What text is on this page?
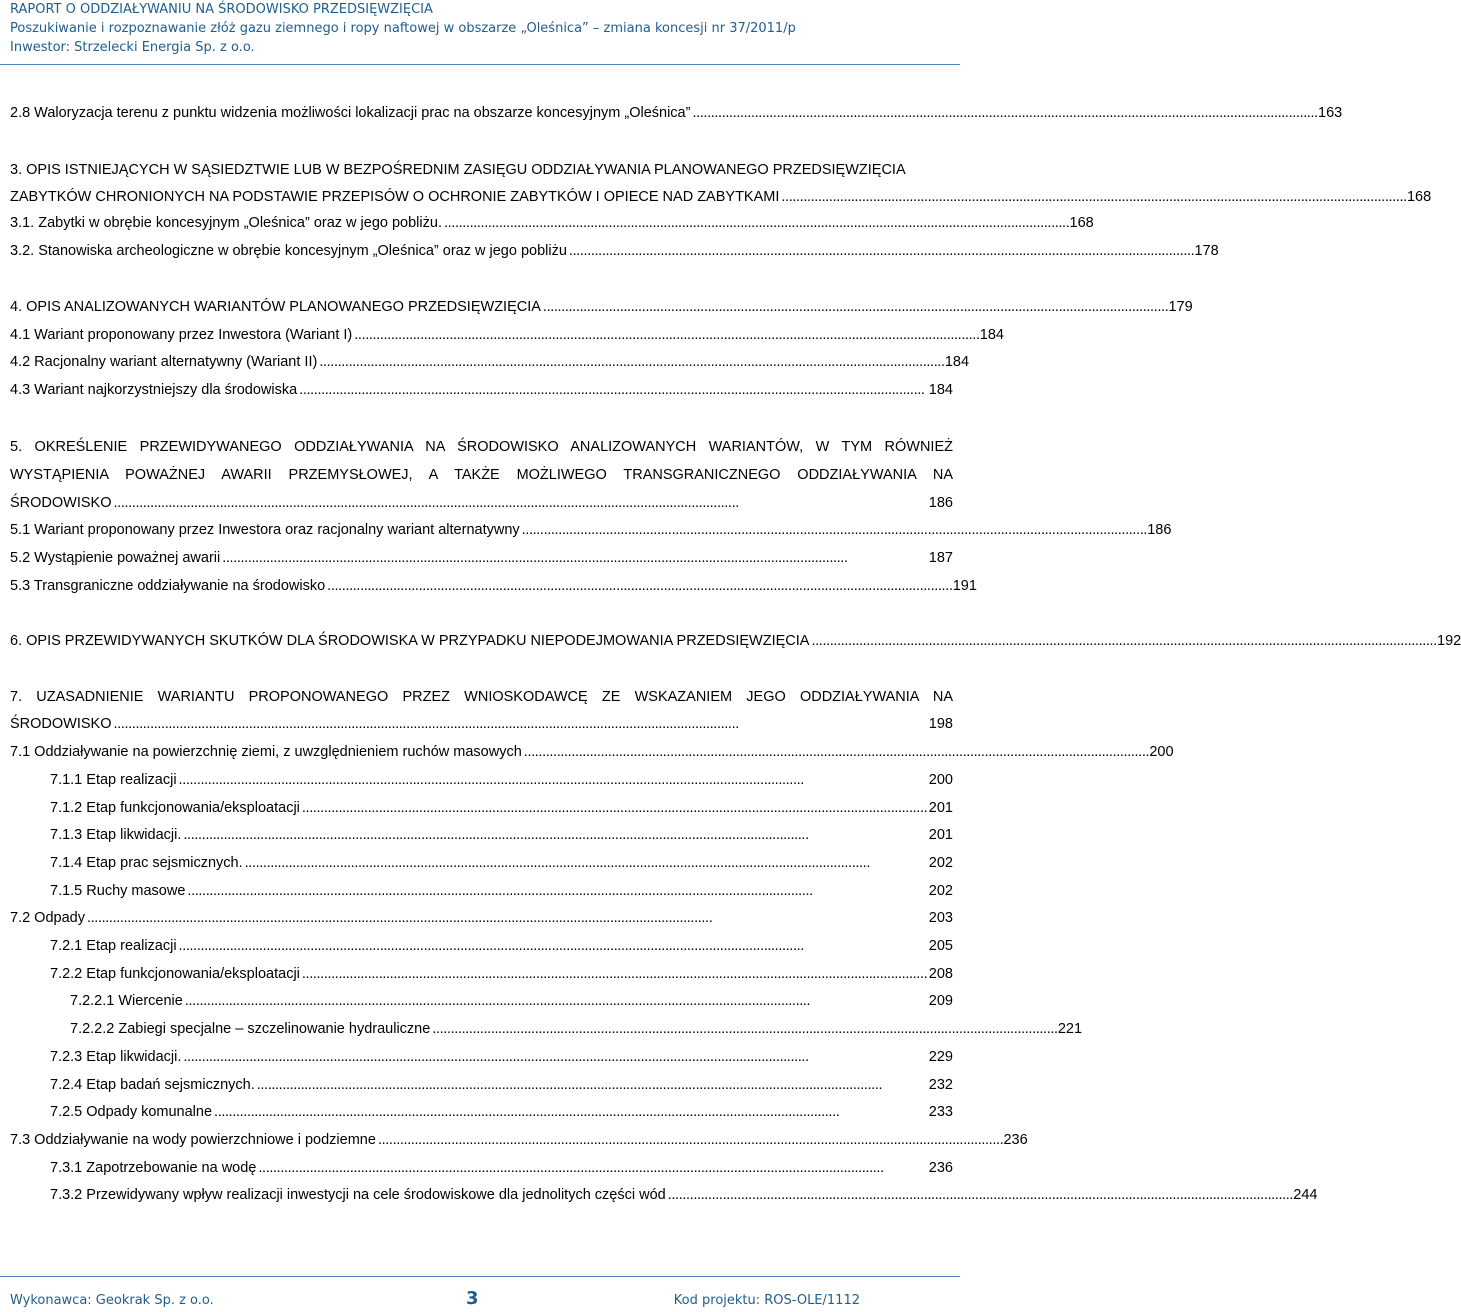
RAPORT O ODDZIAŁYWANIU NA ŚRODOWISKO PRZEDSIĘWZIĘCIA
Poszukiwanie i rozpoznawanie złóż gazu ziemnego i ropy naftowej w obszarze „Oleśnica” – zmiana koncesji nr 37/2011/p
Inwestor: Strzelecki Energia Sp. z o.o.
2.8 Waloryzacja terenu z punktu widzenia możliwości lokalizacji prac na obszarze koncesyjnym „Oleśnica” . . .	163
3. OPIS ISTNIEJĄCYCH W SĄSIEDZTWIE LUB W BEZPOŚREDNIM ZASIĘGU ODDZIAŁYWANIA PLANOWANEGO PRZEDSIĘWZIĘCIA
ZABYTKÓW CHRONIONYCH NA PODSTAWIE PRZEPISÓW O OCHRONIE ZABYTKÓW I OPIECE NAD ZABYTKAMI . . .	168
3.1. Zabytki w obrębie koncesyjnym „Oleśnica” oraz w jego pobliżu. . . .	168
3.2. Stanowiska archeologiczne w obrębie koncesyjnym „Oleśnica” oraz w jego pobliżu . . .	178
4. OPIS ANALIZOWANYCH WARIANTÓW PLANOWANEGO PRZEDSIĘWZIĘCIA . . .	179
4.1 Wariant proponowany przez Inwestora (Wariant I) . . .	184
4.2 Racjonalny wariant alternatywny (Wariant II) . . .	184
4.3 Wariant najkorzystniejszy dla środowiska . . .	184
5. OKREŚLENIE PRZEWIDYWANEGO ODDZIAŁYWANIA NA ŚRODOWISKO ANALIZOWANYCH WARIANTÓW, W TYM RÓWNIEŻ
WYSTĄPIENIA POWAŻNEJ AWARII PRZEMYSŁOWEJ, A TAKŻE MOŻLIWEGO TRANSGRANICZNEGO ODDZIAŁYWANIA NA
ŚRODOWISKO . . .	186
5.1 Wariant proponowany przez Inwestora oraz racjonalny wariant alternatywny . . .	186
5.2 Wystąpienie poważnej awarii . . .	187
5.3 Transgraniczne oddziaływanie na środowisko . . .	191
6. OPIS PRZEWIDYWANYCH SKUTKÓW DLA ŚRODOWISKA W PRZYPADKU NIEPODEJMOWANIA PRZEDSIĘWZIĘCIA . . .	192
7. UZASADNIENIE WARIANTU PROPONOWANEGO PRZEZ WNIOSKODAWCĘ ZE WSKAZANIEM JEGO ODDZIAŁYWANIA NA
ŚRODOWISKO . . .	198
7.1 Oddziaływanie na powierzchnię ziemi, z uwzględnieniem ruchów masowych . . .	200
7.1.1 Etap realizacji . . .	200
7.1.2 Etap funkcjonowania/eksploatacji . . .	201
7.1.3 Etap likwidacji. . . .	201
7.1.4 Etap prac sejsmicznych. . . .	202
7.1.5 Ruchy masowe . . .	202
7.2 Odpady . . .	203
7.2.1 Etap realizacji . . .	205
7.2.2 Etap funkcjonowania/eksploatacji . . .	208
7.2.2.1 Wiercenie . . .	209
7.2.2.2 Zabiegi specjalne – szczelinowanie hydrauliczne . . .	221
7.2.3 Etap likwidacji. . . .	229
7.2.4 Etap badań sejsmicznych. . . .	232
7.2.5 Odpady komunalne . . .	233
7.3 Oddziaływanie na wody powierzchniowe i podziemne . . .	236
7.3.1 Zapotrzebowanie na wodę . . .	236
7.3.2 Przewidywany wpływ realizacji inwestycji na cele środowiskowe dla jednolitych części wód . . .	244
Wykonawca: Geokrak Sp. z o.o.	3	Kod projektu: ROS-OLE/1112
